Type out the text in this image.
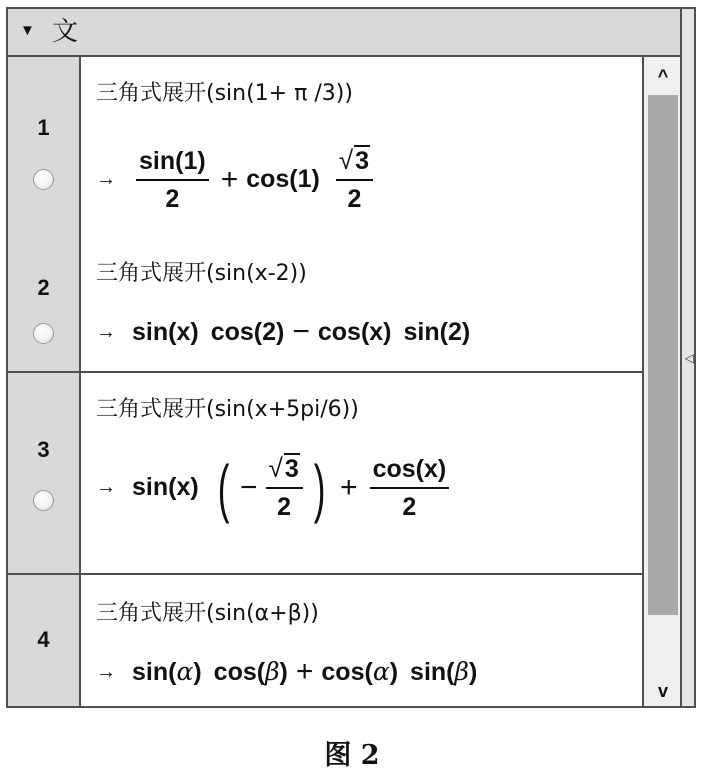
▼ 文
1
三角式展开(sin(1+ π /3))
→ $\frac{\sin(1)}{2} + \cos(1) \frac{√ 3}{2}$
2
三角式展开(sin(x-2))
→ sin(x) cos(2) − cos(x) sin(2)
3
三角式展开(sin(x+5pi/6))
→ sin(x) ( − $\frac{√ 3}{2}$ ) + $\frac{\cos(x)}{2}$
4
三角式展开(sin(α+β))
→ sin(α) cos(β) + cos(α) sin(β)
^
v
◁
图 2
